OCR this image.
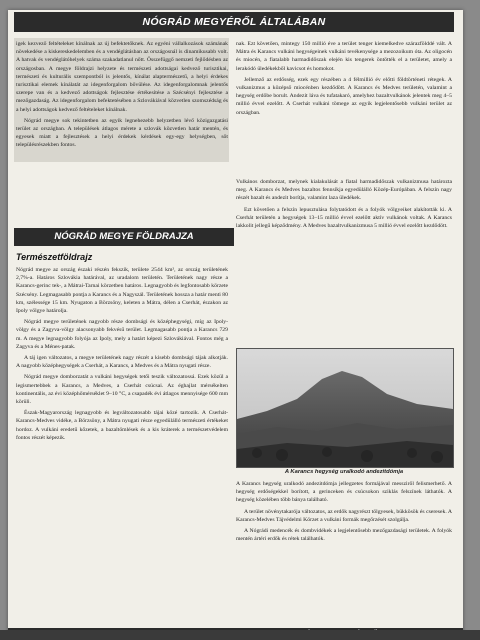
NÓGRÁD MEGYÉRŐL ÁLTALÁBAN

igek kezvező feltételeket kínálnak az új befektetőknek. Az egyéni vállalkozások számának növekedése a kiskereskedelemben és a vendéglátásban az országosnál is dinamikusabb volt. A hatvak és vendéglátóhelyek száma szakadatlanul nőtt. Összefüggő nemzeti fejlődésben az országosban. A megye földrajzi helyzete és természeti adottságai kedvező turisztikai, természeti és kulturális szempontból is jelentős, kínálat alaptermészetű, a helyi érdekes turisztikai elemek kínálatát az idegenforgalom bővülése. Az idegenforgalomnak jelentős szerepe van és a kedvező adottságok fejlesztése értékesítése a Szécsényi fejlesztése a mezőgazdaság. Az idegenforgalom befektetésében a Szlovákiával közvetlen szomszédság és a helyi adottságok kedvező feltételeket kínálnak.

Nógrád megye sok tekintetben az egyik legnehezebb helyzetben lévő közigazgatási terület az országban. A települések átlagos mérete a szlovák közvetlen határ mentén, és egyesek miatt a fejlesztések a helyi érdekek kérdések egy-egy helységben, sőt településrészekben fontos.

nak. Ezt követően, mintegy 150 millió éve a terület tenger kiemelkedve szárazfölddé vált. A Mátra és Karancs vulkáni hegységeinek vulkáni tevékenysége a mezozoikum óta. Az oligocén és miocén, a fiatalabb harmadidőszak elején kis tengerek öntötték el a területet, amely a lerakódó üledékekből kavicsot és homokot.

Jellemző az erdősség, ezek egy részében a 4 félmillió év előtti földtörténeti rétegek. A vulkanizmus a középső miocénben kezdődött. A Karancs és Medves területén, valamint a hegység erdőbe borult. Andezit láva és tufatakaró, amelyhez bazaltvulkánok jelentek meg 4–5 millió évvel ezelőtt. A Cserhát vulkáni tömege az egyik legjelentősebb vulkáni terület az országban.

NÓGRÁD MEGYE FÖLDRAJZA
Természetföldrajz

Nógrád megye az ország északi részén fekszik, területe 2544 km², az ország területének 2,7%-a. Határos Szlovákia határával, az uradalom területén. Területének nagy része a Karancs-gerinc tek-, a Mátrai-Tarnai körzetben határos. Legnagyobb és legfontosabb körzete Szécsény. Legmagasabb pontja a Karancs és a Nagyszál. Területének hossza a határ menti 80 km, szélessége 15 km. Nyugaton a Börzsöny, keleten a Mátra, délen a Cserhát, északon az Ipoly völgye határolja.

Nógrád megye területének nagyobb része dombsági és középhegységi, míg az Ipoly-völgy és a Zagyva-völgy alacsonyabb fekvésű terület. Legmagasabb pontja a Karancs 729 m. A megye legnagyobb folyója az Ipoly, mely a határt képezi Szlovákiával. Fontos még a Zagyva és a Ménes-patak.

A táj igen változatos, a megye területének nagy részét a kisebb dombsági tájak alkotják. A nagyobb középhegységek a Cserhát, a Karancs, a Medves és a Mátra nyugati része.

Nógrád megye domborzatát a vulkáni hegységek tetői teszik változatossá. Ezek közül a legismertebbek a Karancs, a Medves, a Cserhát csúcsai. Az éghajlat mérsékelten kontinentális, az évi középhőmérséklet 9–10 °C, a csapadék évi átlagos mennyisége 600 mm körüli.

Észak-Magyarország legnagyobb és legváltozatosabb tájai közé tartozik. A Cserhát-Karancs-Medves vidéke, a Börzsöny, a Mátra nyugati része egyedülálló természeti értékeket hordoz. A vulkáni eredetű kőzetek, a bazaltömlések és a kis kráterek a természetvédelem fontos részét képezik.

Vulkános domborzat, melynek kialakulását a fiatal harmadidőszak vulkanizmusa határozta meg. A Karancs és Medves bazaltos fennsíkja egyedülálló Közép-Európában. A felszín nagy részét bazalt és andezit borítja, valamint laza üledékek.

Ezt követően a felszín lepusztulása folytatódott és a folyók völgyeiket alakították ki. A Cserhát területén a hegységek 13–15 millió évvel ezelőtt aktív vulkánok voltak. A Karancs lakkolit jellegű képződmény. A Medves bazaltvulkanizmusa 5 millió évvel ezelőtt kezdődött.

A Karancs hegység uralkodó andezitdómja

A Karancs hegység uralkodó andezitdómja jellegzetes formájával messziről felismerhető. A hegység erdőségekkel borított, a gerinceken és csúcsokon sziklás felszínek láthatók. A hegység közelében több bánya található.

A terület növénytakarója változatos, az erdők nagyrészt tölgyesek, bükkösök és cseresek. A Karancs-Medves Tájvédelmi Körzet a vulkáni formák megőrzését szolgálja.

A Nógrádi medencék és dombvidékek a legjelentősebb mezőgazdasági területek. A folyók mentén ártéri erdők és rétek találhatók.
